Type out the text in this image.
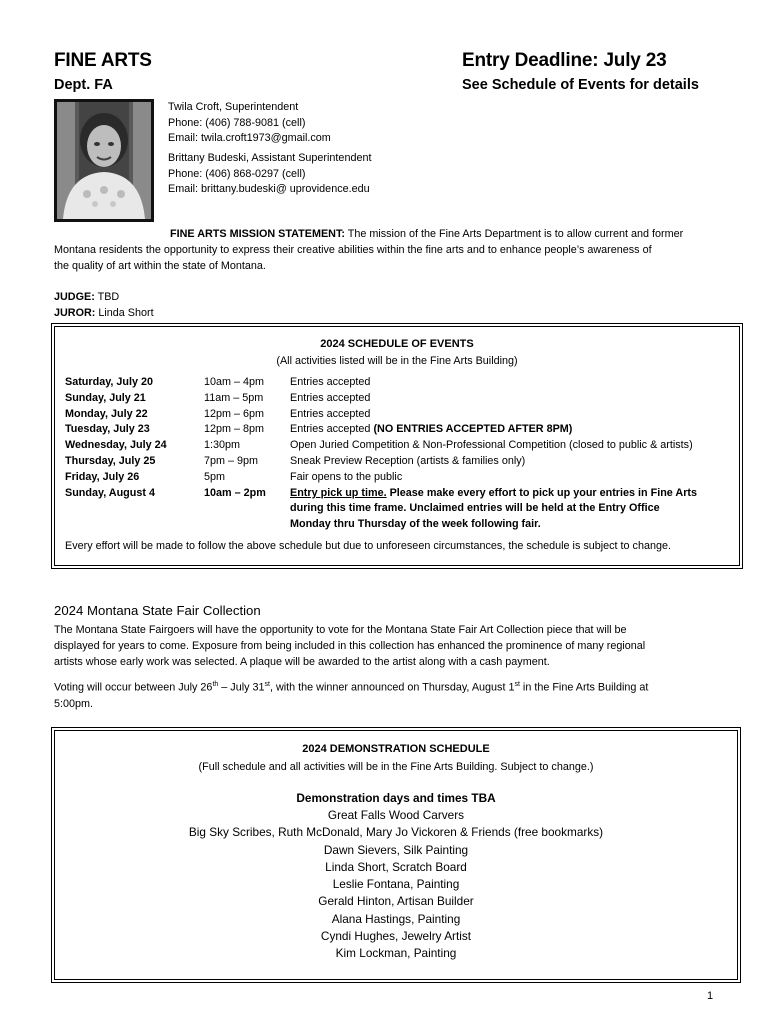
FINE ARTS
Dept. FA
Entry Deadline: July 23
See Schedule of Events for details
Twila Croft, Superintendent
Phone: (406) 788-9081 (cell)
Email: twila.croft1973@gmail.com
Brittany Budeski, Assistant Superintendent
Phone: (406) 868-0297 (cell)
Email: brittany.budeski@ uprovidence.edu
FINE ARTS MISSION STATEMENT: The mission of the Fine Arts Department is to allow current and former
Montana residents the opportunity to express their creative abilities within the fine arts and to enhance people’s awareness of
the quality of art within the state of Montana.
JUDGE: TBD
JUROR: Linda Short
2024 SCHEDULE OF EVENTS
(All activities listed will be in the Fine Arts Building)
Saturday, July 20	10am – 4pm	Entries accepted
Sunday, July 21	11am – 5pm	Entries accepted
Monday, July 22	12pm – 6pm	Entries accepted
Tuesday, July 23	12pm – 8pm	Entries accepted (NO ENTRIES ACCEPTED AFTER 8PM)
Wednesday, July 24	1:30pm	Open Juried Competition & Non-Professional Competition (closed to public & artists)
Thursday, July 25	7pm – 9pm	Sneak Preview Reception (artists & families only)
Friday, July 26	5pm	Fair opens to the public
Sunday, August 4	10am – 2pm	Entry pick up time. Please make every effort to pick up your entries in Fine Arts
during this time frame. Unclaimed entries will be held at the Entry Office
Monday thru Thursday of the week following fair.
Every effort will be made to follow the above schedule but due to unforeseen circumstances, the schedule is subject to change.
2024 Montana State Fair Collection
The Montana State Fairgoers will have the opportunity to vote for the Montana State Fair Art Collection piece that will be
displayed for years to come. Exposure from being included in this collection has enhanced the prominence of many regional
artists whose early work was selected. A plaque will be awarded to the artist along with a cash payment.
Voting will occur between July 26th – July 31st, with the winner announced on Thursday, August 1st in the Fine Arts Building at
5:00pm.
2024 DEMONSTRATION SCHEDULE
(Full schedule and all activities will be in the Fine Arts Building. Subject to change.)
Demonstration days and times TBA
Great Falls Wood Carvers
Big Sky Scribes, Ruth McDonald, Mary Jo Vickoren & Friends (free bookmarks)
Dawn Sievers, Silk Painting
Linda Short, Scratch Board
Leslie Fontana, Painting
Gerald Hinton, Artisan Builder
Alana Hastings, Painting
Cyndi Hughes, Jewelry Artist
Kim Lockman, Painting
1
